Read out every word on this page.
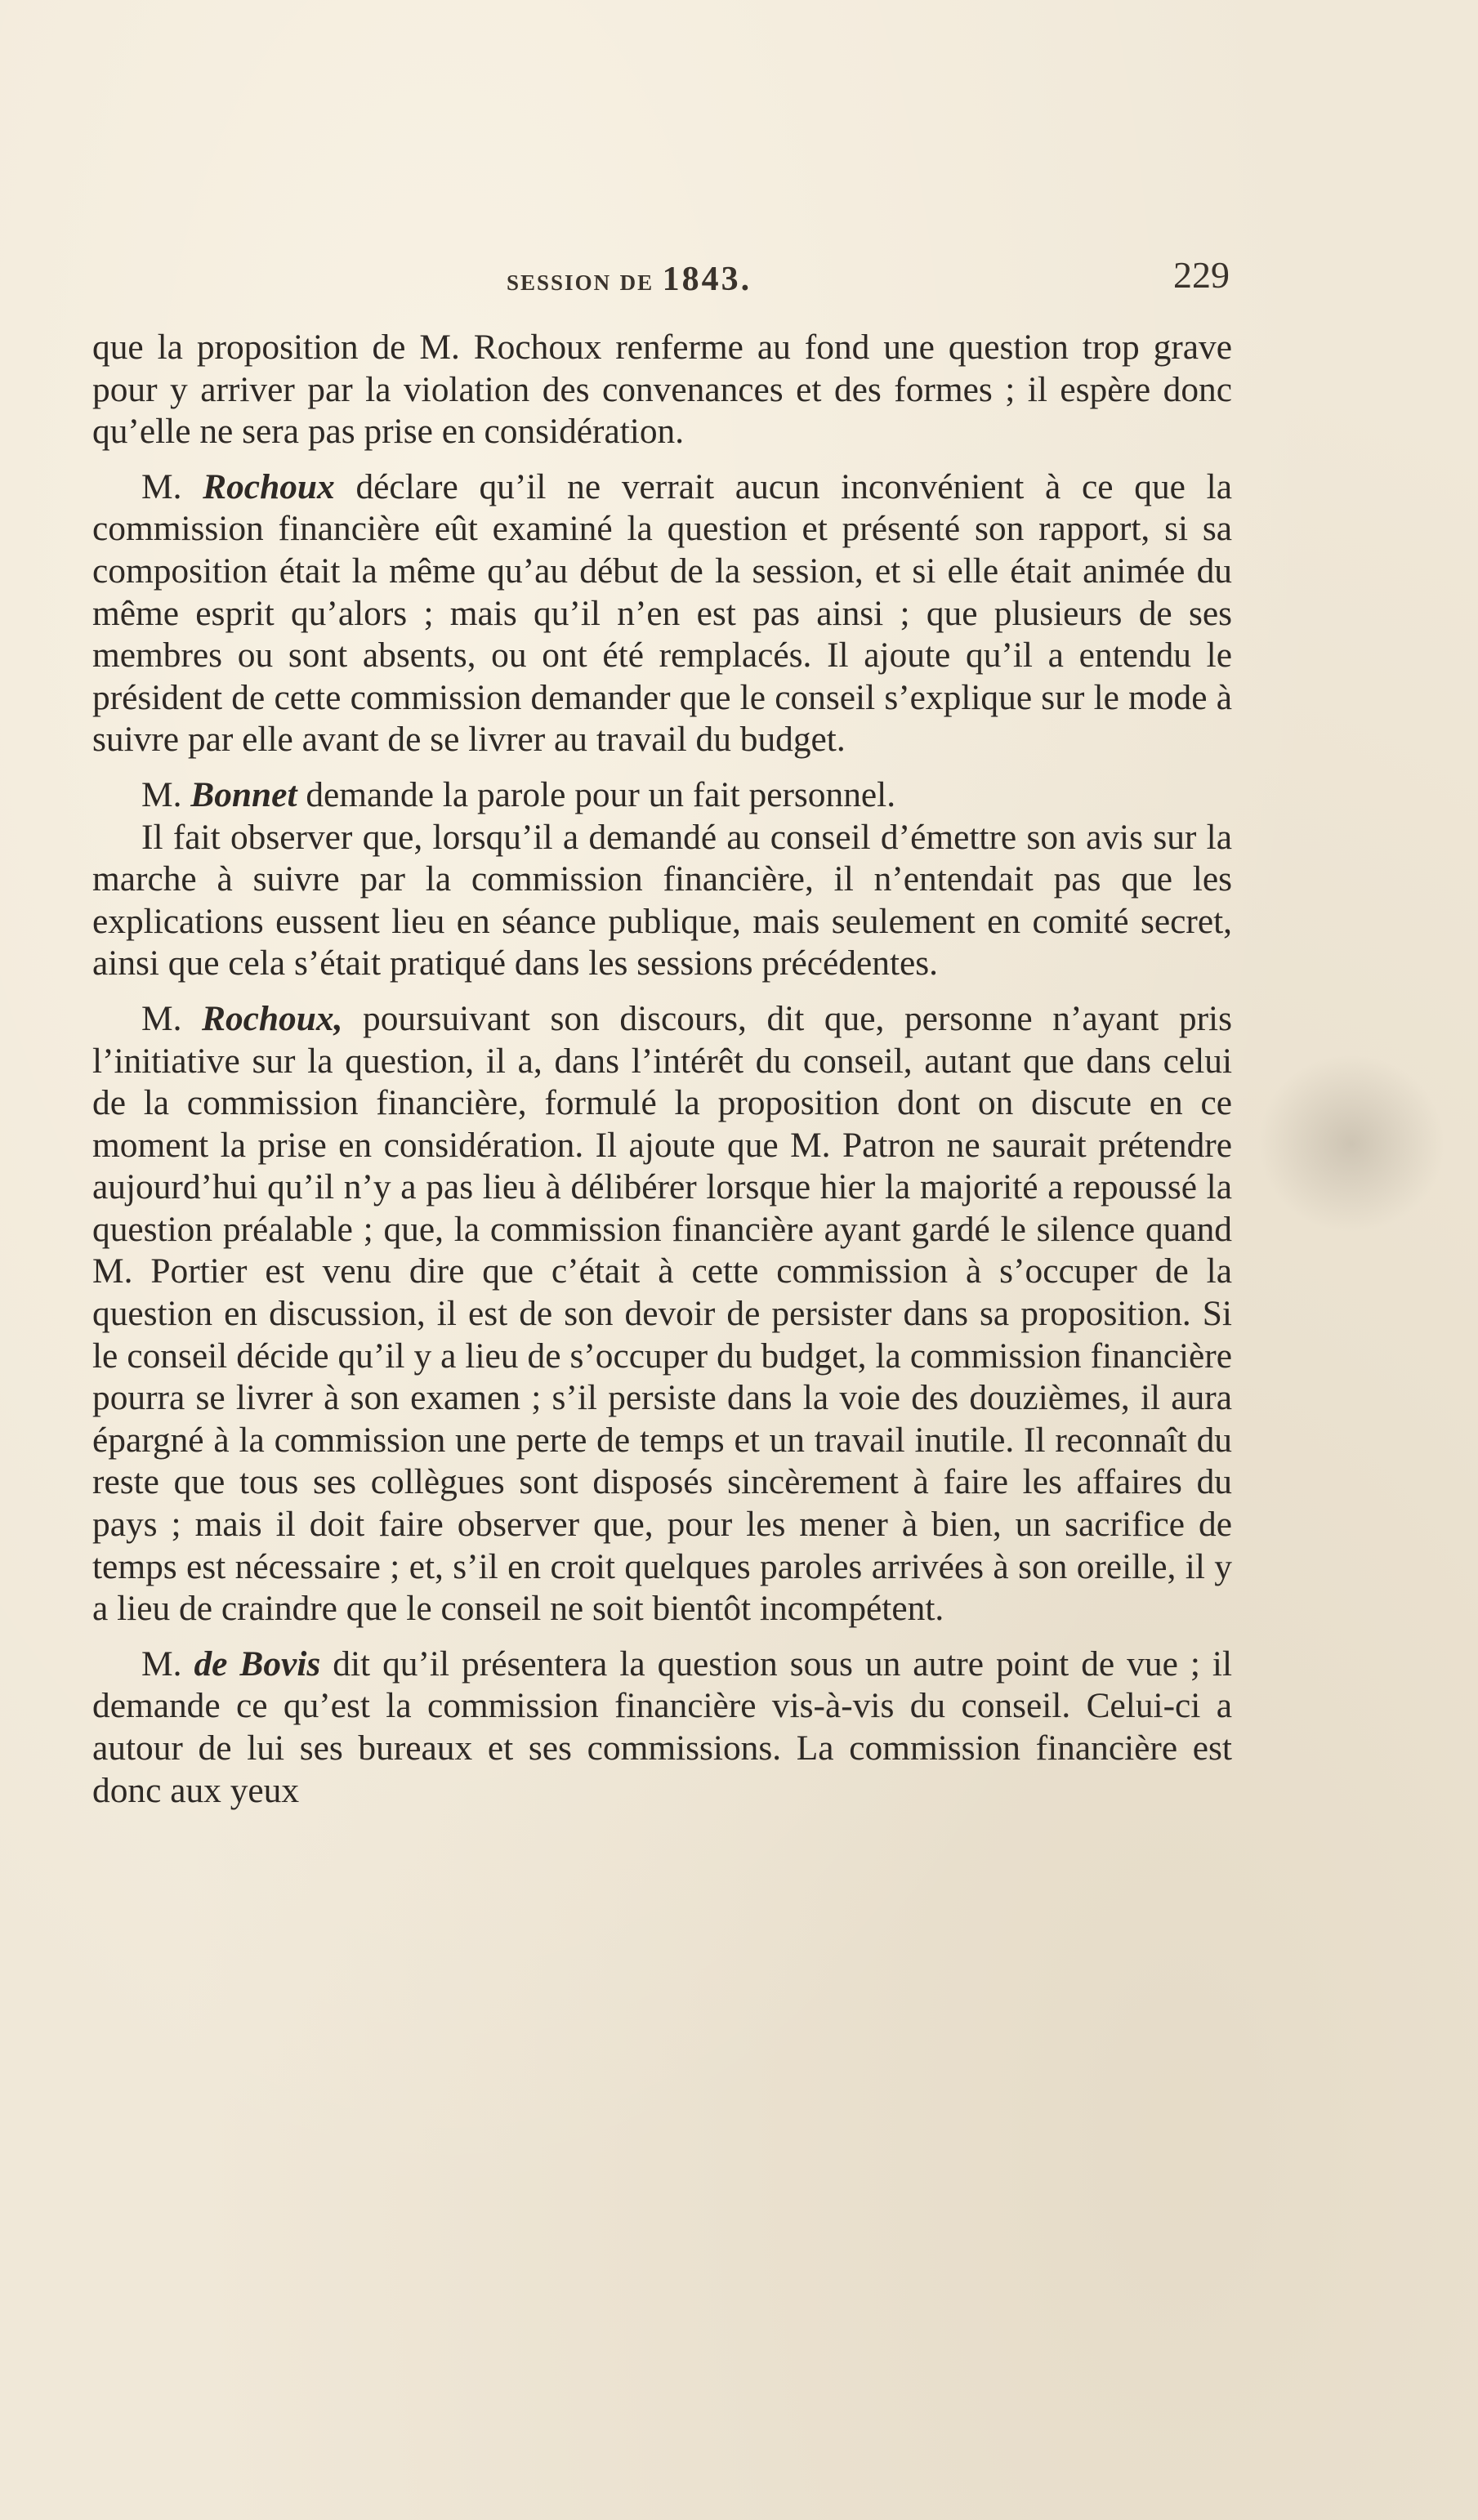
SESSION DE 1843.	229

que la proposition de M. Rochoux renferme au fond une question trop grave pour y arriver par la violation des convenances et des formes ; il espère donc qu’elle ne sera pas prise en considération.

M. Rochoux déclare qu’il ne verrait aucun inconvénient à ce que la commission financière eût examiné la question et présenté son rapport, si sa composition était la même qu’au début de la session, et si elle était animée du même esprit qu’alors ; mais qu’il n’en est pas ainsi ; que plusieurs de ses membres ou sont absents, ou ont été remplacés. Il ajoute qu’il a entendu le président de cette commission demander que le conseil s’explique sur le mode à suivre par elle avant de se livrer au travail du budget.

M. Bonnet demande la parole pour un fait personnel.

Il fait observer que, lorsqu’il a demandé au conseil d’émettre son avis sur la marche à suivre par la commission financière, il n’entendait pas que les explications eussent lieu en séance publique, mais seulement en comité secret, ainsi que cela s’était pratiqué dans les sessions précédentes.

M. Rochoux, poursuivant son discours, dit que, personne n’ayant pris l’initiative sur la question, il a, dans l’intérêt du conseil, autant que dans celui de la commission financière, formulé la proposition dont on discute en ce moment la prise en considération. Il ajoute que M. Patron ne saurait prétendre aujourd’hui qu’il n’y a pas lieu à délibérer lorsque hier la majorité a repoussé la question préalable ; que, la commission financière ayant gardé le silence quand M. Portier est venu dire que c’était à cette commission à s’occuper de la question en discussion, il est de son devoir de persister dans sa proposition. Si le conseil décide qu’il y a lieu de s’occuper du budget, la commission financière pourra se livrer à son examen ; s’il persiste dans la voie des douzièmes, il aura épargné à la commission une perte de temps et un travail inutile. Il reconnaît du reste que tous ses collègues sont disposés sincèrement à faire les affaires du pays ; mais il doit faire observer que, pour les mener à bien, un sacrifice de temps est nécessaire ; et, s’il en croit quelques paroles arrivées à son oreille, il y a lieu de craindre que le conseil ne soit bientôt incompétent.

M. de Bovis dit qu’il présentera la question sous un autre point de vue ; il demande ce qu’est la commission financière vis-à-vis du conseil. Celui-ci a autour de lui ses bureaux et ses commissions. La commission financière est donc aux yeux
